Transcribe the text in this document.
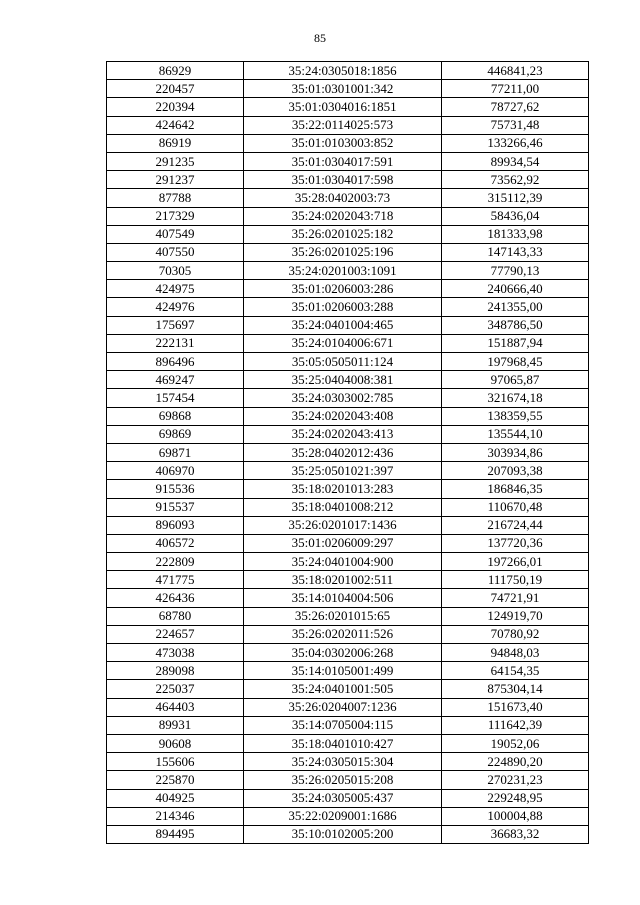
85
86929	35:24:0305018:1856	446841,23
220457	35:01:0301001:342	77211,00
220394	35:01:0304016:1851	78727,62
424642	35:22:0114025:573	75731,48
86919	35:01:0103003:852	133266,46
291235	35:01:0304017:591	89934,54
291237	35:01:0304017:598	73562,92
87788	35:28:0402003:73	315112,39
217329	35:24:0202043:718	58436,04
407549	35:26:0201025:182	181333,98
407550	35:26:0201025:196	147143,33
70305	35:24:0201003:1091	77790,13
424975	35:01:0206003:286	240666,40
424976	35:01:0206003:288	241355,00
175697	35:24:0401004:465	348786,50
222131	35:24:0104006:671	151887,94
896496	35:05:0505011:124	197968,45
469247	35:25:0404008:381	97065,87
157454	35:24:0303002:785	321674,18
69868	35:24:0202043:408	138359,55
69869	35:24:0202043:413	135544,10
69871	35:28:0402012:436	303934,86
406970	35:25:0501021:397	207093,38
915536	35:18:0201013:283	186846,35
915537	35:18:0401008:212	110670,48
896093	35:26:0201017:1436	216724,44
406572	35:01:0206009:297	137720,36
222809	35:24:0401004:900	197266,01
471775	35:18:0201002:511	111750,19
426436	35:14:0104004:506	74721,91
68780	35:26:0201015:65	124919,70
224657	35:26:0202011:526	70780,92
473038	35:04:0302006:268	94848,03
289098	35:14:0105001:499	64154,35
225037	35:24:0401001:505	875304,14
464403	35:26:0204007:1236	151673,40
89931	35:14:0705004:115	111642,39
90608	35:18:0401010:427	19052,06
155606	35:24:0305015:304	224890,20
225870	35:26:0205015:208	270231,23
404925	35:24:0305005:437	229248,95
214346	35:22:0209001:1686	100004,88
894495	35:10:0102005:200	36683,32
